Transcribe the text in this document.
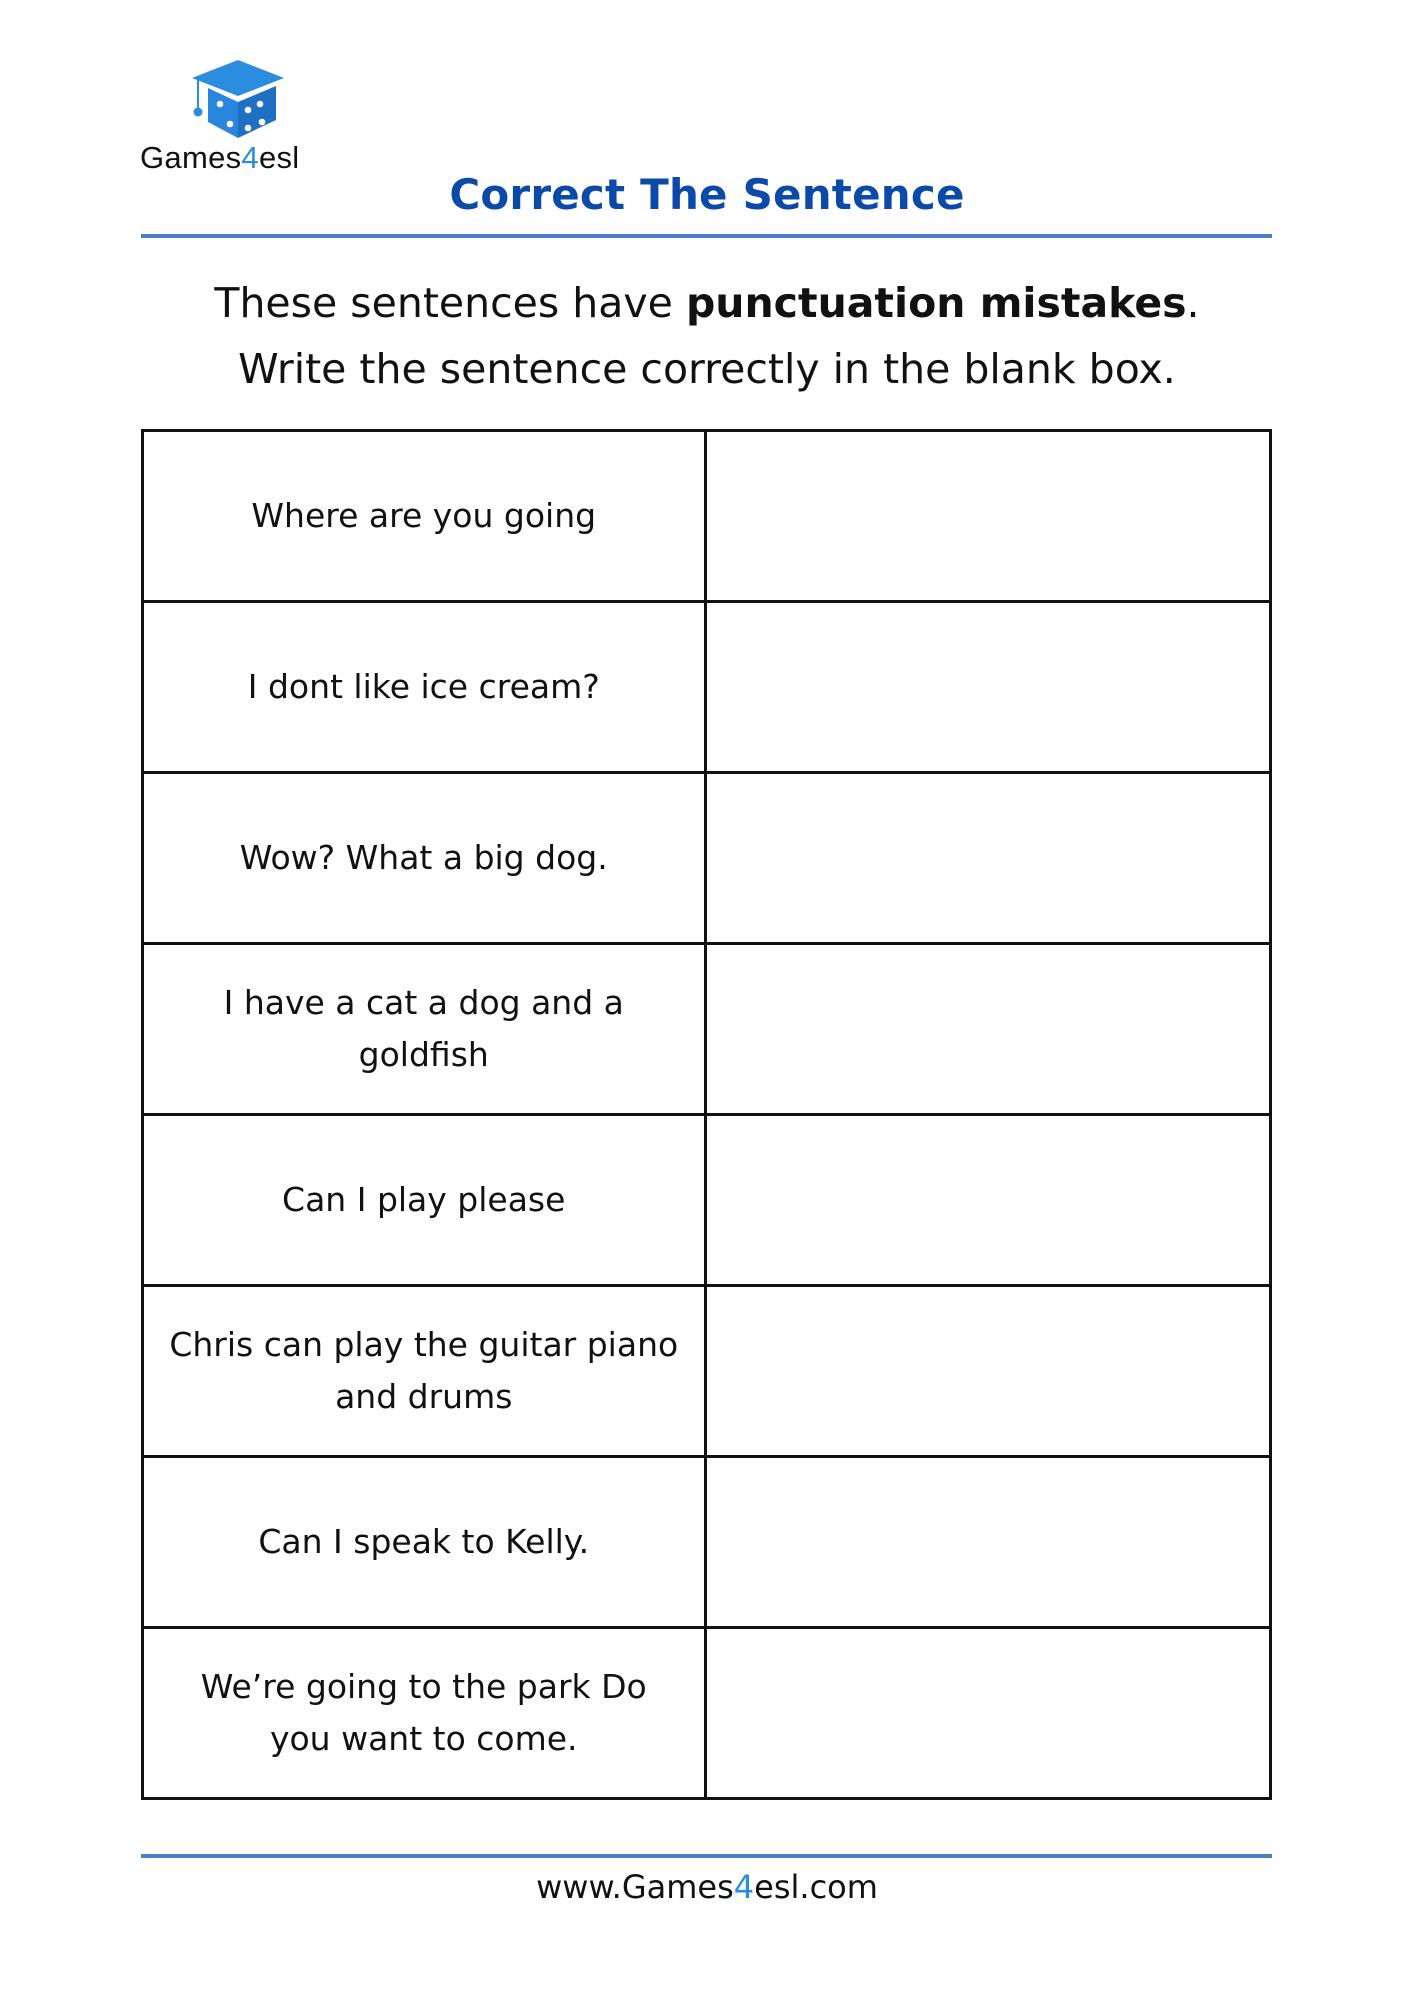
Games4esl
Correct The Sentence
These sentences have punctuation mistakes.
Write the sentence correctly in the blank box.
Where are you going
I dont like ice cream?
Wow? What a big dog.
I have a cat a dog and a goldfish
Can I play please
Chris can play the guitar piano and drums
Can I speak to Kelly.
We’re going to the park Do you want to come.
www.Games4esl.com
